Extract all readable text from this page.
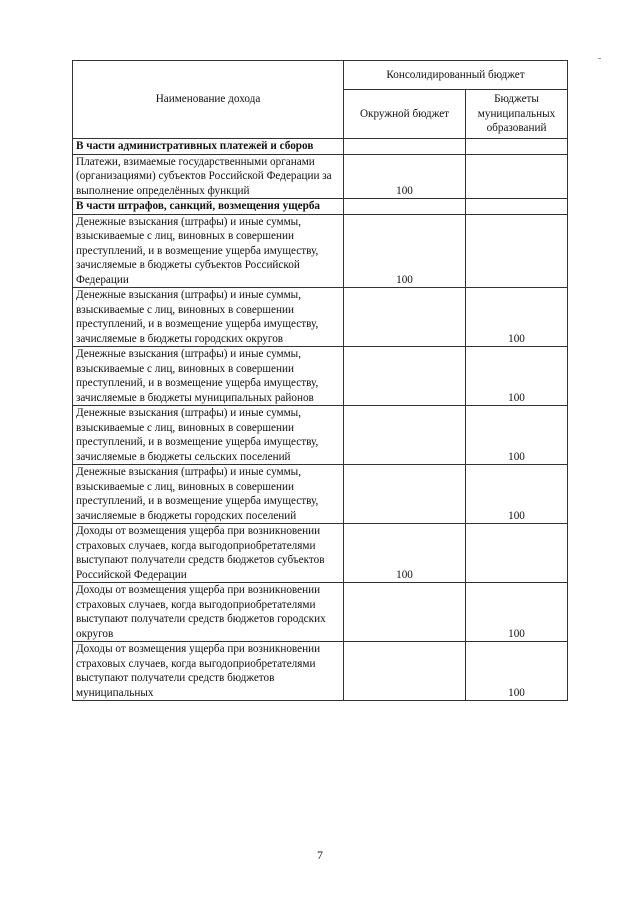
Наименование дохода	Консолидированный бюджет	
	Окружной бюджет	Бюджеты муниципальных образований
В части административных платежей и сборов		
Платежи, взимаемые государственными органами (организациями) субъектов Российской Федерации за выполнение определённых функций	100	
В части штрафов, санкций, возмещения ущерба		
Денежные взыскания (штрафы) и иные суммы, взыскиваемые с лиц, виновных в совершении преступлений, и в возмещение ущерба имуществу, зачисляемые в бюджеты субъектов Российской Федерации	100	
Денежные взыскания (штрафы) и иные суммы, взыскиваемые с лиц, виновных в совершении преступлений, и в возмещение ущерба имуществу, зачисляемые в бюджеты городских округов		100
Денежные взыскания (штрафы) и иные суммы, взыскиваемые с лиц, виновных в совершении преступлений, и в возмещение ущерба имуществу, зачисляемые в бюджеты муниципальных районов		100
Денежные взыскания (штрафы) и иные суммы, взыскиваемые с лиц, виновных в совершении преступлений, и в возмещение ущерба имуществу, зачисляемые в бюджеты сельских поселений		100
Денежные взыскания (штрафы) и иные суммы, взыскиваемые с лиц, виновных в совершении преступлений, и в возмещение ущерба имуществу, зачисляемые в бюджеты городских поселений		100
Доходы от возмещения ущерба при возникновении страховых случаев, когда выгодоприобретателями выступают получатели средств бюджетов субъектов Российской Федерации	100	
Доходы от возмещения ущерба при возникновении страховых случаев, когда выгодоприобретателями выступают получатели средств бюджетов городских округов		100
Доходы от возмещения ущерба при возникновении страховых случаев, когда выгодоприобретателями выступают получатели средств бюджетов муниципальных		100
7
